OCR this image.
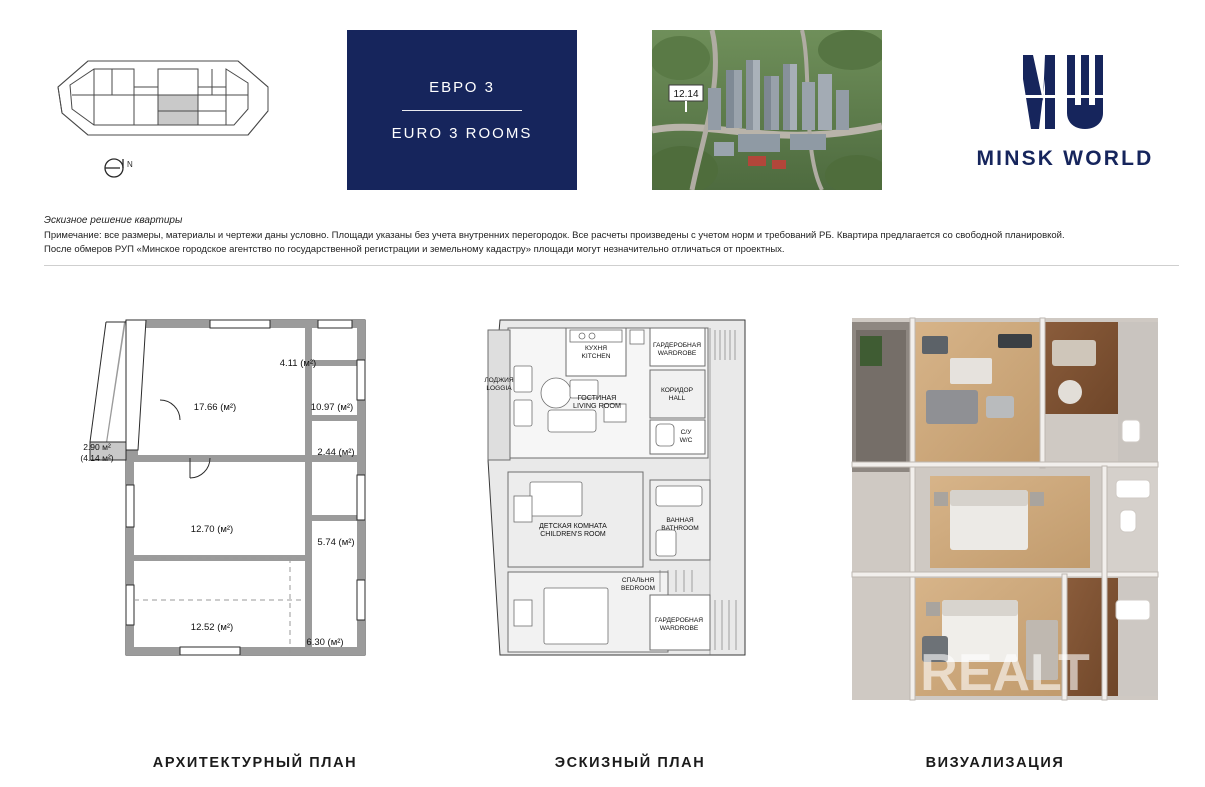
N
ЕВРО 3
EURO 3 ROOMS
12.14
MINSK WORLD
Эскизное решение квартиры

Примечание: все размеры, материалы и чертежи даны условно. Площади указаны без учета внутренних перегородок. Все расчеты произведены с учетом норм и требований РБ. Квартира предлагается со свободной планировкой.

После обмеров РУП «Минское городское агентство по государственной регистрации и земельному кадастру» площади могут незначительно отличаться от проектных.

4.11 (м²)
17.66 (м²)	10.97 (м²)
2.90 м²
(4.14 м²)	2.44 (м²)
12.70 (м²)
5.74 (м²)
12.52 (м²)
6.30 (м²)
КУХНЯ
KITCHEN
ГАРДЕРОБНАЯ
WARDROBE
ЛОДЖИЯ
LOGGIA	КОРИДОР
HALL
ГОСТИНАЯ
LIVING ROOM
С/У
W/C
ДЕТСКАЯ КОМНАТА
CHILDREN'S ROOM
ВАННАЯ
BATHROOM
СПАЛЬНЯ
BEDROOM
ГАРДЕРОБНАЯ
WARDROBE
REALT
АРХИТЕКТУРНЫЙ ПЛАН	ЭСКИЗНЫЙ ПЛАН	ВИЗУАЛИЗАЦИЯ
